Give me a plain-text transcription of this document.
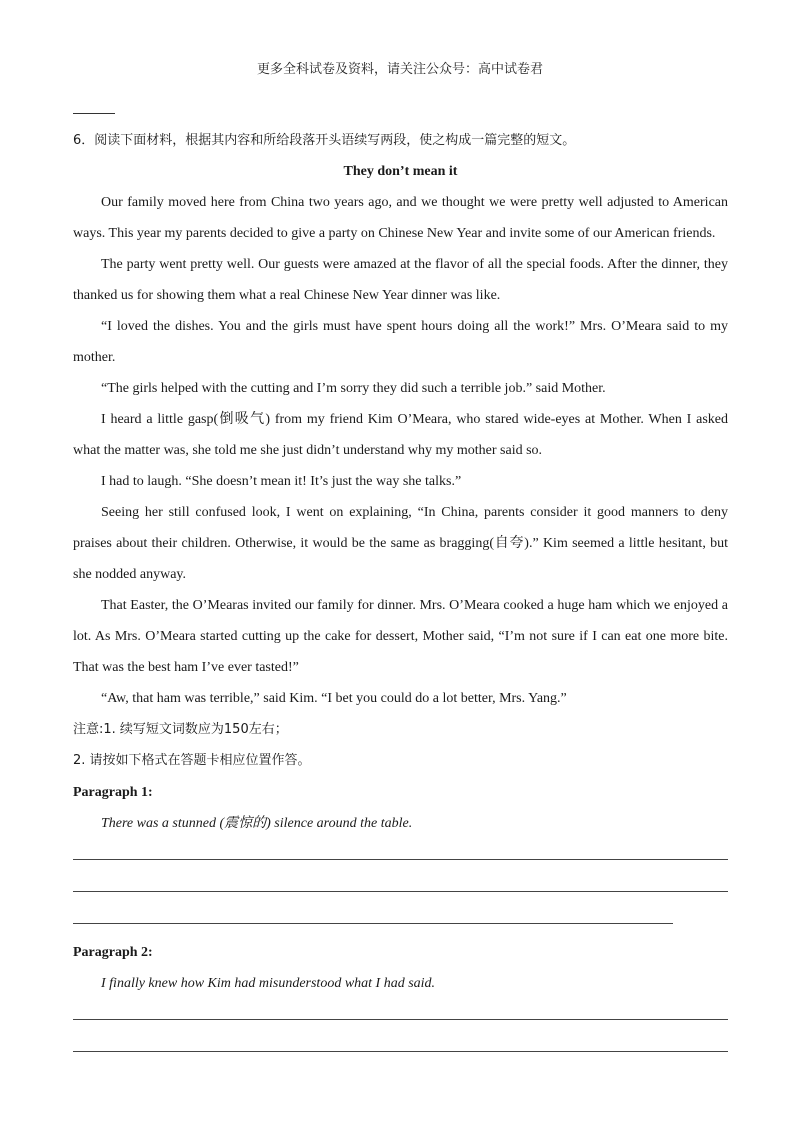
更多全科试卷及资料，请关注公众号：高中试卷君
6．阅读下面材料，根据其内容和所给段落开头语续写两段，使之构成一篇完整的短文。
They don’t mean it

Our family moved here from China two years ago, and we thought we were pretty well adjusted to American ways. This year my parents decided to give a party on Chinese New Year and invite some of our American friends.

The party went pretty well. Our guests were amazed at the flavor of all the special foods. After the dinner, they thanked us for showing them what a real Chinese New Year dinner was like.

“I loved the dishes. You and the girls must have spent hours doing all the work!” Mrs. O’Meara said to my mother.

“The girls helped with the cutting and I’m sorry they did such a terrible job.” said Mother.

I heard a little gasp(倒吸气) from my friend Kim O’Meara, who stared wide-eyes at Mother. When I asked what the matter was, she told me she just didn’t understand why my mother said so.

I had to laugh. “She doesn’t mean it! It’s just the way she talks.”

Seeing her still confused look, I went on explaining, “In China, parents consider it good manners to deny praises about their children. Otherwise, it would be the same as bragging(自夸).” Kim seemed a little hesitant, but she nodded anyway.

That Easter, the O’Mearas invited our family for dinner. Mrs. O’Meara cooked a huge ham which we enjoyed a lot. As Mrs. O’Meara started cutting up the cake for dessert, Mother said, “I’m not sure if I can eat one more bite. That was the best ham I’ve ever tasted!”

“Aw, that ham was terrible,” said Kim. “I bet you could do a lot better, Mrs. Yang.”

注意:1. 续写短文词数应为150左右；
2. 请按如下格式在答题卡相应位置作答。
Paragraph 1:
There was a stunned (震惊的) silence around the table.
Paragraph 2:
I finally knew how Kim had misunderstood what I had said.
